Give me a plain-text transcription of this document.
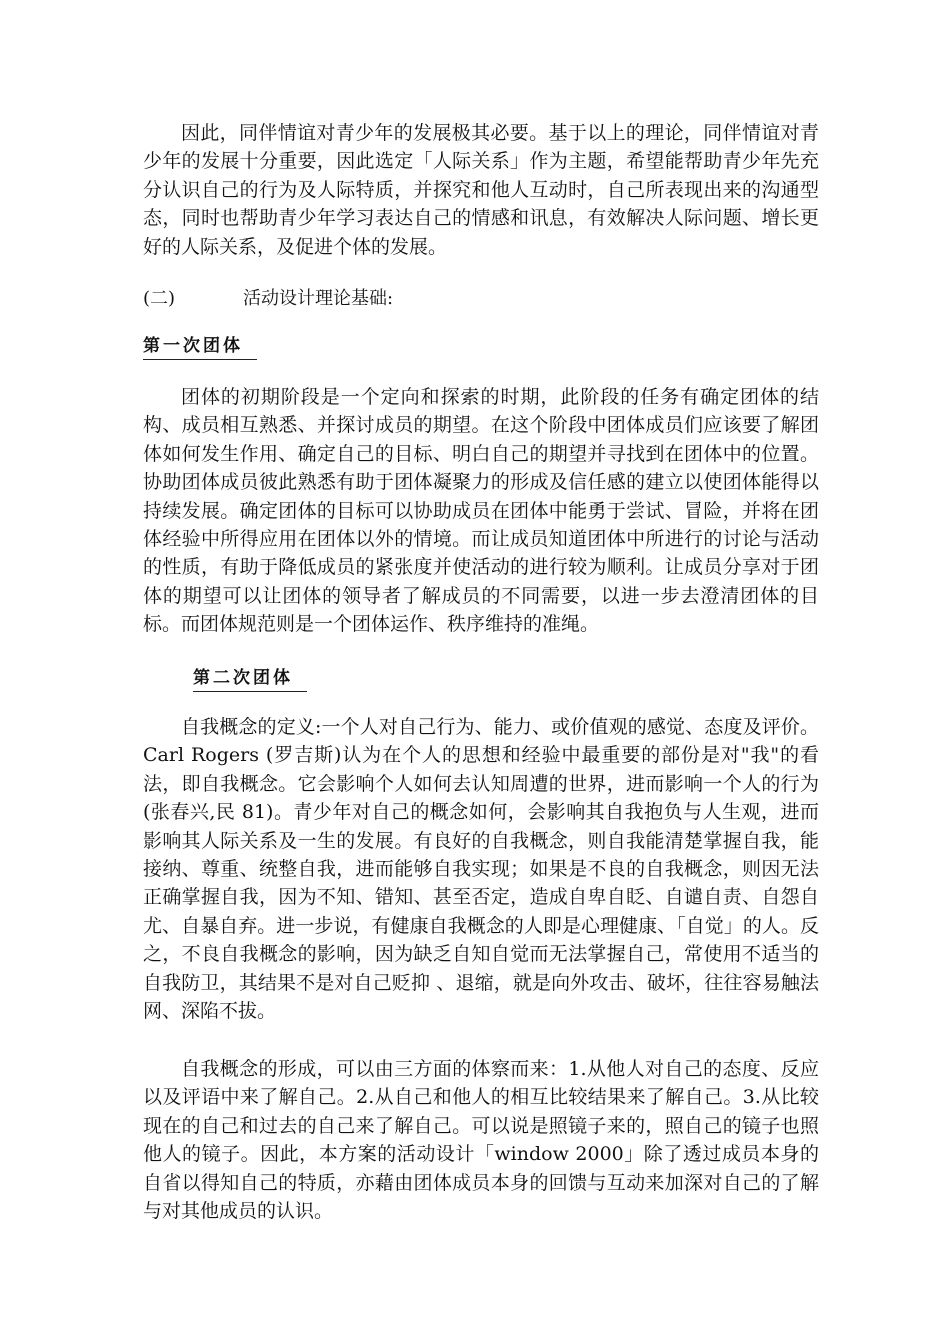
因此，同伴情谊对青少年的发展极其必要。基于以上的理论，同伴情谊对青少年的发展十分重要，因此选定「人际关系」作为主题，希望能帮助青少年先充分认识自己的行为及人际特质，并探究和他人互动时，自己所表现出来的沟通型态，同时也帮助青少年学习表达自己的情感和讯息，有效解决人际问题、增长更好的人际关系，及促进个体的发展。

(二)	活动设计理论基础:

第一次团体

团体的初期阶段是一个定向和探索的时期，此阶段的任务有确定团体的结构、成员相互熟悉、并探讨成员的期望。在这个阶段中团体成员们应该要了解团体如何发生作用、确定自己的目标、明白自己的期望并寻找到在团体中的位置。协助团体成员彼此熟悉有助于团体凝聚力的形成及信任感的建立以使团体能得以持续发展。确定团体的目标可以协助成员在团体中能勇于尝试、冒险，并将在团体经验中所得应用在团体以外的情境。而让成员知道团体中所进行的讨论与活动的性质，有助于降低成员的紧张度并使活动的进行较为顺利。让成员分享对于团体的期望可以让团体的领导者了解成员的不同需要，以进一步去澄清团体的目标。而团体规范则是一个团体运作、秩序维持的准绳。

第二次团体

自我概念的定义:一个人对自己行为、能力、或价值观的感觉、态度及评价。Carl Rogers (罗吉斯)认为在个人的思想和经验中最重要的部份是对"我"的看法，即自我概念。它会影响个人如何去认知周遭的世界，进而影响一个人的行为(张春兴,民 81)。青少年对自己的概念如何，会影响其自我抱负与人生观，进而影响其人际关系及一生的发展。有良好的自我概念，则自我能清楚掌握自我，能接纳、尊重、统整自我，进而能够自我实现；如果是不良的自我概念，则因无法正确掌握自我，因为不知、错知、甚至否定，造成自卑自眨、自谴自责、自怨自尤、自暴自弃。进一步说，有健康自我概念的人即是心理健康、「自觉」的人。反之，不良自我概念的影响，因为缺乏自知自觉而无法掌握自己，常使用不适当的自我防卫，其结果不是对自己贬抑 、退缩，就是向外攻击、破坏，往往容易触法网、深陷不拔。

自我概念的形成，可以由三方面的体察而来：1.从他人对自己的态度、反应以及评语中来了解自己。2.从自己和他人的相互比较结果来了解自己。3.从比较现在的自己和过去的自己来了解自己。可以说是照镜子来的，照自己的镜子也照他人的镜子。因此，本方案的活动设计「window 2000」除了透过成员本身的自省以得知自己的特质，亦藉由团体成员本身的回馈与互动来加深对自己的了解与对其他成员的认识。
